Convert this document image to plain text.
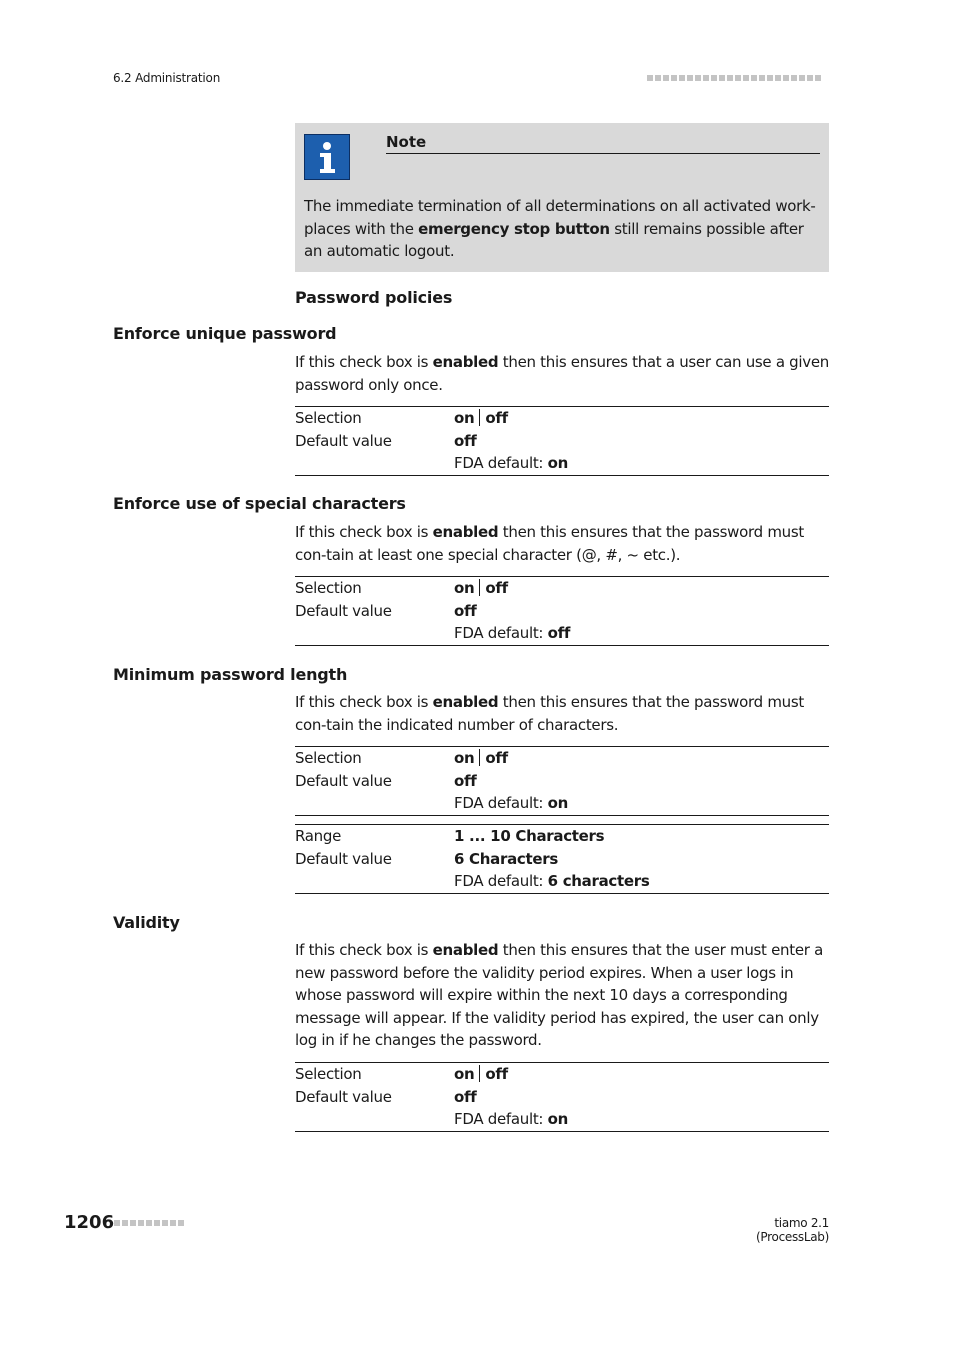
6.2 Administration
Note
The immediate termination of all determinations on all activated work-places with the emergency stop button still remains possible after an automatic logout.
Password policies
Enforce unique password
If this check box is enabled then this ensures that a user can use a given password only once.
Selection	on off
Default value	off
FDA default: on
Enforce use of special characters
If this check box is enabled then this ensures that the password must con-tain at least one special character (@, #, ~ etc.).
Selection	on off
Default value	off
FDA default: off
Minimum password length
If this check box is enabled then this ensures that the password must con-tain the indicated number of characters.
Selection	on off
Default value	off
FDA default: on
Range	1 ... 10 Characters
Default value	6 Characters
FDA default: 6 characters
Validity
If this check box is enabled then this ensures that the user must enter a new password before the validity period expires. When a user logs in whose password will expire within the next 10 days a corresponding message will appear. If the validity period has expired, the user can only log in if he changes the password.
Selection	on off
Default value	off
FDA default: on
1206	tiamo 2.1 (ProcessLab)
